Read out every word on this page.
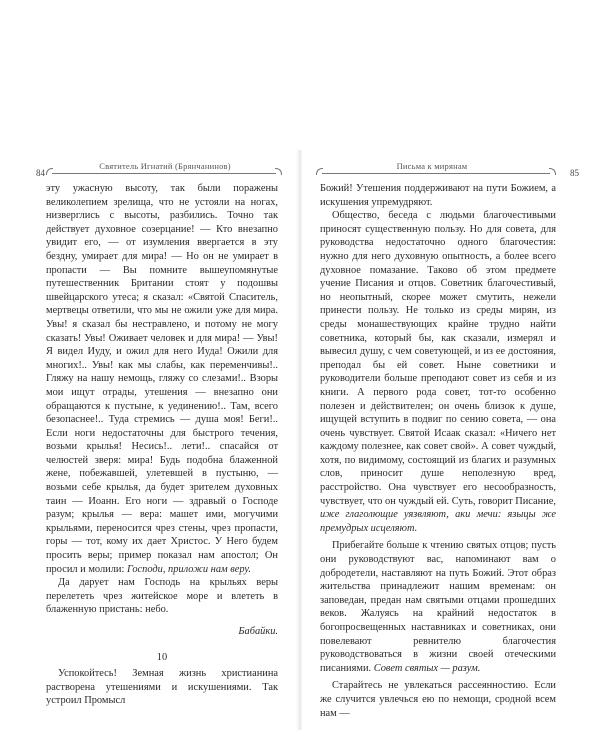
84
Святитель Игнатий (Брянчанинов)

эту ужасную высоту, так были поражены великолепием зрелища, что не устояли на ногах, низверглись с высоты, разбились. Точно так действует духовное созерцание! — Кто внезапно увидит его, — от изумления ввергается в эту бездну, умирает для мира! — Но он не умирает в пропасти — Вы помните вышеупомянутые путешественник Британии стоят у подошвы швейцарского утеса; я сказал: «Святой Спаситель, мертвецы ответили, что мы не ожили уже для мира. Увы! я сказал бы нестравлено, и потому не могу сказать! Увы! Оживает человек и для мира! — Увы! Я видел Иуду, и ожил для него Иуда! Ожили для многих!.. Увы! как мы слабы, как переменчивы!.. Гляжу на нашу немощь, гляжу со слезами!.. Взоры мои ищут отрады, утешения — внезапно они обращаются к пустыне, к уединению!.. Там, всего безопаснее!.. Туда стремись — душа моя! Беги!.. Если ноги недостаточны для быстрого течения, возьми крылья! Несись!.. лети!.. спасайся от челюстей зверя: мира! Будь подобна блаженной жене, побежавшей, улетевшей в пустыню, — возьми себе крылья, да будет зрителем духовных таин — Иоанн. Его ноги — здравый о Господе разум; крылья — вера: машет ими, могучими крыльями, переносится чрез стены, чрез пропасти, горы — тот, кому их дает Христос. У Него будем просить веры; пример показал нам апостол; Он просил и молили: Господи, приложи нам веру.

Да дарует нам Господь на крыльях веры перелететь чрез житейское море и влететь в блаженную пристань: небо.

Бабайки.

10

Успокойтесь! Земная жизнь христианина растворена утешениями и искушениями. Так устроил Промысл

Письма к мирянам
85

Божий! Утешения поддерживают на пути Божием, а искушения упремудряют.

Общество, беседа с людьми благочестивыми приносят существенную пользу. Но для совета, для руководства недостаточно одного благочестия: нужно для него духовную опытность, а более всего духовное помазание. Таково об этом предмете учение Писания и отцов. Советник благочестивый, но неопытный, скорее может смутить, нежели принести пользу. Не только из среды мирян, из среды монашествующих крайне трудно найти советника, который бы, как сказали, измерял и вывесил душу, с чем советующей, и из ее достояния, преподал бы ей совет. Ныне советники и руководители больше преподают совет из себя и из книги. А первого рода совет, тот-то особенно полезен и действителен; он очень близок к душе, ищущей вступить в подвиг по сению совета, — она очень чувствует. Святой Исаак сказал: «Ничего нет каждому полезнее, как совет свой». А совет чуждый, хотя, по видимому, состоящий из благих и разумных слов, приносит душе неполезную вред, расстройство. Она чувствует его несообразность, чувствует, что он чуждый ей. Суть, говорит Писание, иже глаголющие уязвляют, аки мечи: языцы же премудрых исцеляют.

Прибегайте больше к чтению святых отцов; пусть они руководствуют вас, напоминают вам о добродетели, наставляют на путь Божий. Этот образ жительства принадлежит нашим временам: он заповедан, предан нам святыми отцами прошедших веков. Жалуясь на крайний недостаток в богопросвещенных наставниках и советниках, они повелевают ревнителю благочестия руководствоваться в жизни своей отеческими писаниями. Совет святых — разум.

Старайтесь не увлекаться рассеянностию. Если же случится увлечься ею по немощи, сродной всем нам —
